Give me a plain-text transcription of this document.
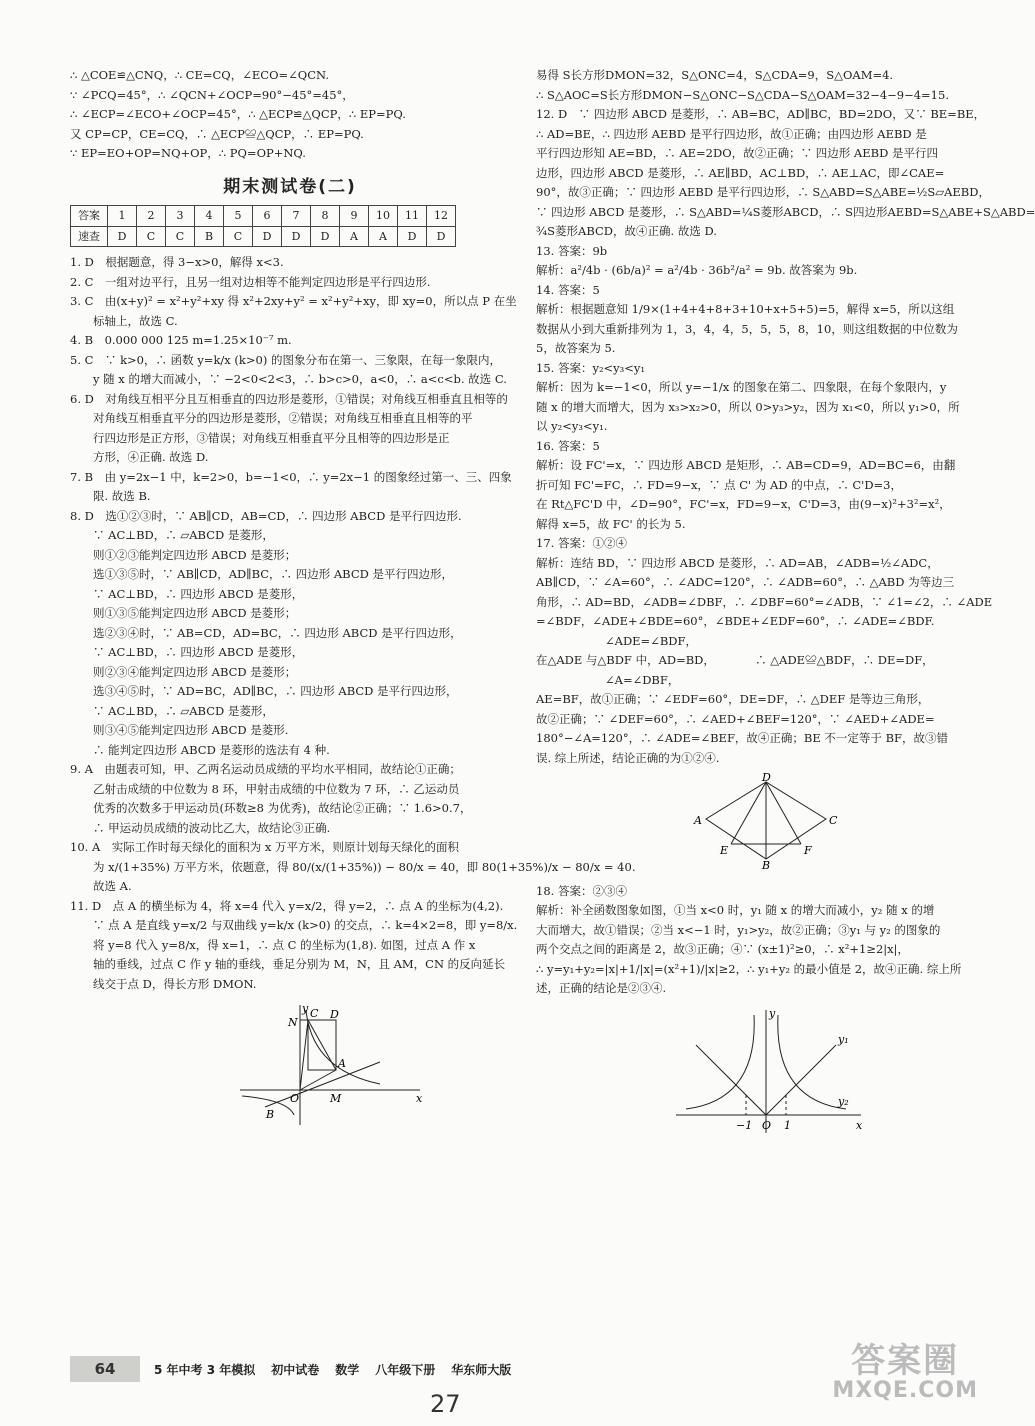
∴ △COE≌△CNQ，∴ CE=CQ，∠ECO=∠QCN.
∵ ∠PCQ=45°，∴ ∠QCN+∠OCP=90°−45°=45°，
∴ ∠ECP=∠ECO+∠OCP=45°，∴ △ECP≌△QCP，∴ EP=PQ.
又 CP=CP，CE=CQ，∴ △ECP≌△QCP，∴ EP=PQ.
∵ EP=EO+OP=NQ+OP，∴ PQ=OP+NQ.
期末测试卷(二)
答案	1	2	3	4	5	6	7	8	9	10	11	12
速查	D	C	C	B	C	D	D	D	A	A	D	D
1. D　根据题意，得 3−x>0，解得 x<3.
2. C　一组对边平行，且另一组对边相等不能判定四边形是平行四边形.
3. C　由(x+y)² = x²+y²+xy 得 x²+2xy+y² = x²+y²+xy，即 xy=0，所以点 P 在坐
　　标轴上，故选 C.
4. B　0.000 000 125 m=1.25×10⁻⁷ m.
5. C　∵ k>0，∴ 函数 y=k/x (k>0) 的图象分布在第一、三象限，在每一象限内，
　　y 随 x 的增大而减小，∵ −2<0<2<3，∴ b>c>0，a<0，∴ a<c<b. 故选 C.
6. D　对角线互相平分且互相垂直的四边形是菱形，①错误；对角线互相垂直且相等的
　　对角线互相垂直平分的四边形是菱形，②错误；对角线互相垂直且相等的平
　　行四边形是正方形，③错误；对角线互相垂直平分且相等的四边形是正
　　方形，④正确. 故选 D.
7. B　由 y=2x−1 中，k=2>0，b=−1<0，∴ y=2x−1 的图象经过第一、三、四象
　　限. 故选 B.
8. D　选①②③时，∵ AB∥CD，AB=CD，∴ 四边形 ABCD 是平行四边形.
　　∵ AC⊥BD，∴ ▱ABCD 是菱形，
　　则①②③能判定四边形 ABCD 是菱形；
　　选①③⑤时，∵ AB∥CD，AD∥BC，∴ 四边形 ABCD 是平行四边形，
　　∵ AC⊥BD，∴ 四边形 ABCD 是菱形，
　　则①③⑤能判定四边形 ABCD 是菱形；
　　选②③④时，∵ AB=CD，AD=BC，∴ 四边形 ABCD 是平行四边形，
　　∵ AC⊥BD，∴ 四边形 ABCD 是菱形，
　　则②③④能判定四边形 ABCD 是菱形；
　　选③④⑤时，∵ AD=BC，AD∥BC，∴ 四边形 ABCD 是平行四边形，
　　∵ AC⊥BD，∴ ▱ABCD 是菱形，
　　则③④⑤能判定四边形 ABCD 是菱形.
　　∴ 能判定四边形 ABCD 是菱形的选法有 4 种.
9. A　由题表可知，甲、乙两名运动员成绩的平均水平相同，故结论①正确；
　　乙射击成绩的中位数为 8 环，甲射击成绩的中位数为 7 环，∴ 乙运动员
　　优秀的次数多于甲运动员(环数≥8 为优秀)，故结论②正确；∵ 1.6>0.7，
　　∴ 甲运动员成绩的波动比乙大，故结论③正确.
10. A　实际工作时每天绿化的面积为 x 万平方米，则原计划每天绿化的面积
　　为 x/(1+35%) 万平方米，依题意，得 80/(x/(1+35%)) − 80/x = 40，即 80(1+35%)/x − 80/x = 40.
　　故选 A.
11. D　点 A 的横坐标为 4，将 x=4 代入 y=x/2，得 y=2，∴ 点 A 的坐标为(4,2).
　　∵ 点 A 是直线 y=x/2 与双曲线 y=k/x (k>0) 的交点，∴ k=4×2=8，即 y=8/x.
　　将 y=8 代入 y=8/x，得 x=1，∴ 点 C 的坐标为(1,8). 如图，过点 A 作 x
　　轴的垂线，过点 C 作 y 轴的垂线，垂足分别为 M，N，且 AM，CN 的反向延长
　　线交于点 D，得长方形 DMON.
y
N
C D
A
O	M	x
B
易得 S长方形DMON=32，S△ONC=4，S△CDA=9，S△OAM=4.
∴ S△AOC=S长方形DMON−S△ONC−S△CDA−S△OAM=32−4−9−4=15.
12. D　∵ 四边形 ABCD 是菱形，∴ AB=BC，AD∥BC，BD=2DO，又∵ BE=BE，
∴ AD=BE，∴ 四边形 AEBD 是平行四边形，故①正确；由四边形 AEBD 是
平行四边形知 AE=BD，∴ AE=2DO，故②正确；∵ 四边形 AEBD 是平行四
边形，四边形 ABCD 是菱形，∴ AE∥BD，AC⊥BD，∴ AE⊥AC，即∠CAE=
90°，故③正确；∵ 四边形 AEBD 是平行四边形，∴ S△ABD=S△ABE=½S▱AEBD，
∵ 四边形 ABCD 是菱形，∴ S△ABD=¼S菱形ABCD，∴ S四边形AEBD=S△ABE+S△ABD=
¾S菱形ABCD，故④正确. 故选 D.
13. 答案：9b
解析：a²/4b · (6b/a)² = a²/4b · 36b²/a² = 9b. 故答案为 9b.
14. 答案：5
解析：根据题意知 1/9×(1+4+4+8+3+10+x+5+5)=5，解得 x=5，所以这组
数据从小到大重新排列为 1，3，4，4，5，5，5，8，10，则这组数据的中位数为
5，故答案为 5.
15. 答案：y₂<y₃<y₁
解析：因为 k=−1<0，所以 y=−1/x 的图象在第二、四象限，在每个象限内，y
随 x 的增大而增大，因为 x₃>x₂>0，所以 0>y₃>y₂，因为 x₁<0，所以 y₁>0，所
以 y₂<y₃<y₁.
16. 答案：5
解析：设 FC'=x，∵ 四边形 ABCD 是矩形，∴ AB=CD=9，AD=BC=6，由翻
折可知 FC'=FC，∴ FD=9−x，∵ 点 C' 为 AD 的中点，∴ C'D=3，
在 Rt△FC'D 中，∠D=90°，FC'=x，FD=9−x，C'D=3，由(9−x)²+3²=x²，
解得 x=5，故 FC' 的长为 5.
17. 答案：①②④
解析：连结 BD，∵ 四边形 ABCD 是菱形，∴ AD=AB，∠ADB=½∠ADC，
AB∥CD，∵ ∠A=60°，∴ ∠ADC=120°，∴ ∠ADB=60°，∴ △ABD 为等边三
角形，∴ AD=BD，∠ADB=∠DBF，∴ ∠DBF=60°=∠ADB，∵ ∠1=∠2，∴ ∠ADE
=∠BDF，∠ADE+∠BDE=60°，∠BDE+∠EDF=60°，∴ ∠ADE=∠BDF.
　　　　　　∠ADE=∠BDF，
在△ADE 与△BDF 中，AD=BD，　　　　∴ △ADE≌△BDF，∴ DE=DF，
　　　　　　∠A=∠DBF，
AE=BF，故①正确；∵ ∠EDF=60°，DE=DF，∴ △DEF 是等边三角形，
故②正确；∵ ∠DEF=60°，∴ ∠AED+∠BEF=120°，∵ ∠AED+∠ADE=
180°−∠A=120°，∴ ∠ADE=∠BEF，故④正确；BE 不一定等于 BF，故③错
误. 综上所述，结论正确的为①②④.
D
A	C
E	F
B
18. 答案：②③④
解析：补全函数图象如图，①当 x<0 时，y₁ 随 x 的增大而减小，y₂ 随 x 的增
大而增大，故①错误；②当 x<−1 时，y₁>y₂，故②正确；③y₁ 与 y₂ 的图象的
两个交点之间的距离是 2，故③正确；④∵ (x±1)²≥0，∴ x²+1≥2|x|，
∴ y=y₁+y₂=|x|+1/|x|=(x²+1)/|x|≥2，∴ y₁+y₂ 的最小值是 2，故④正确. 综上所
述，正确的结论是②③④.
y
y₁
y₂
−1 O 1	x
64	5 年中考 3 年模拟 初中试卷 数学 八年级下册 华东师大版
27
答案圈
MXQE.COM
